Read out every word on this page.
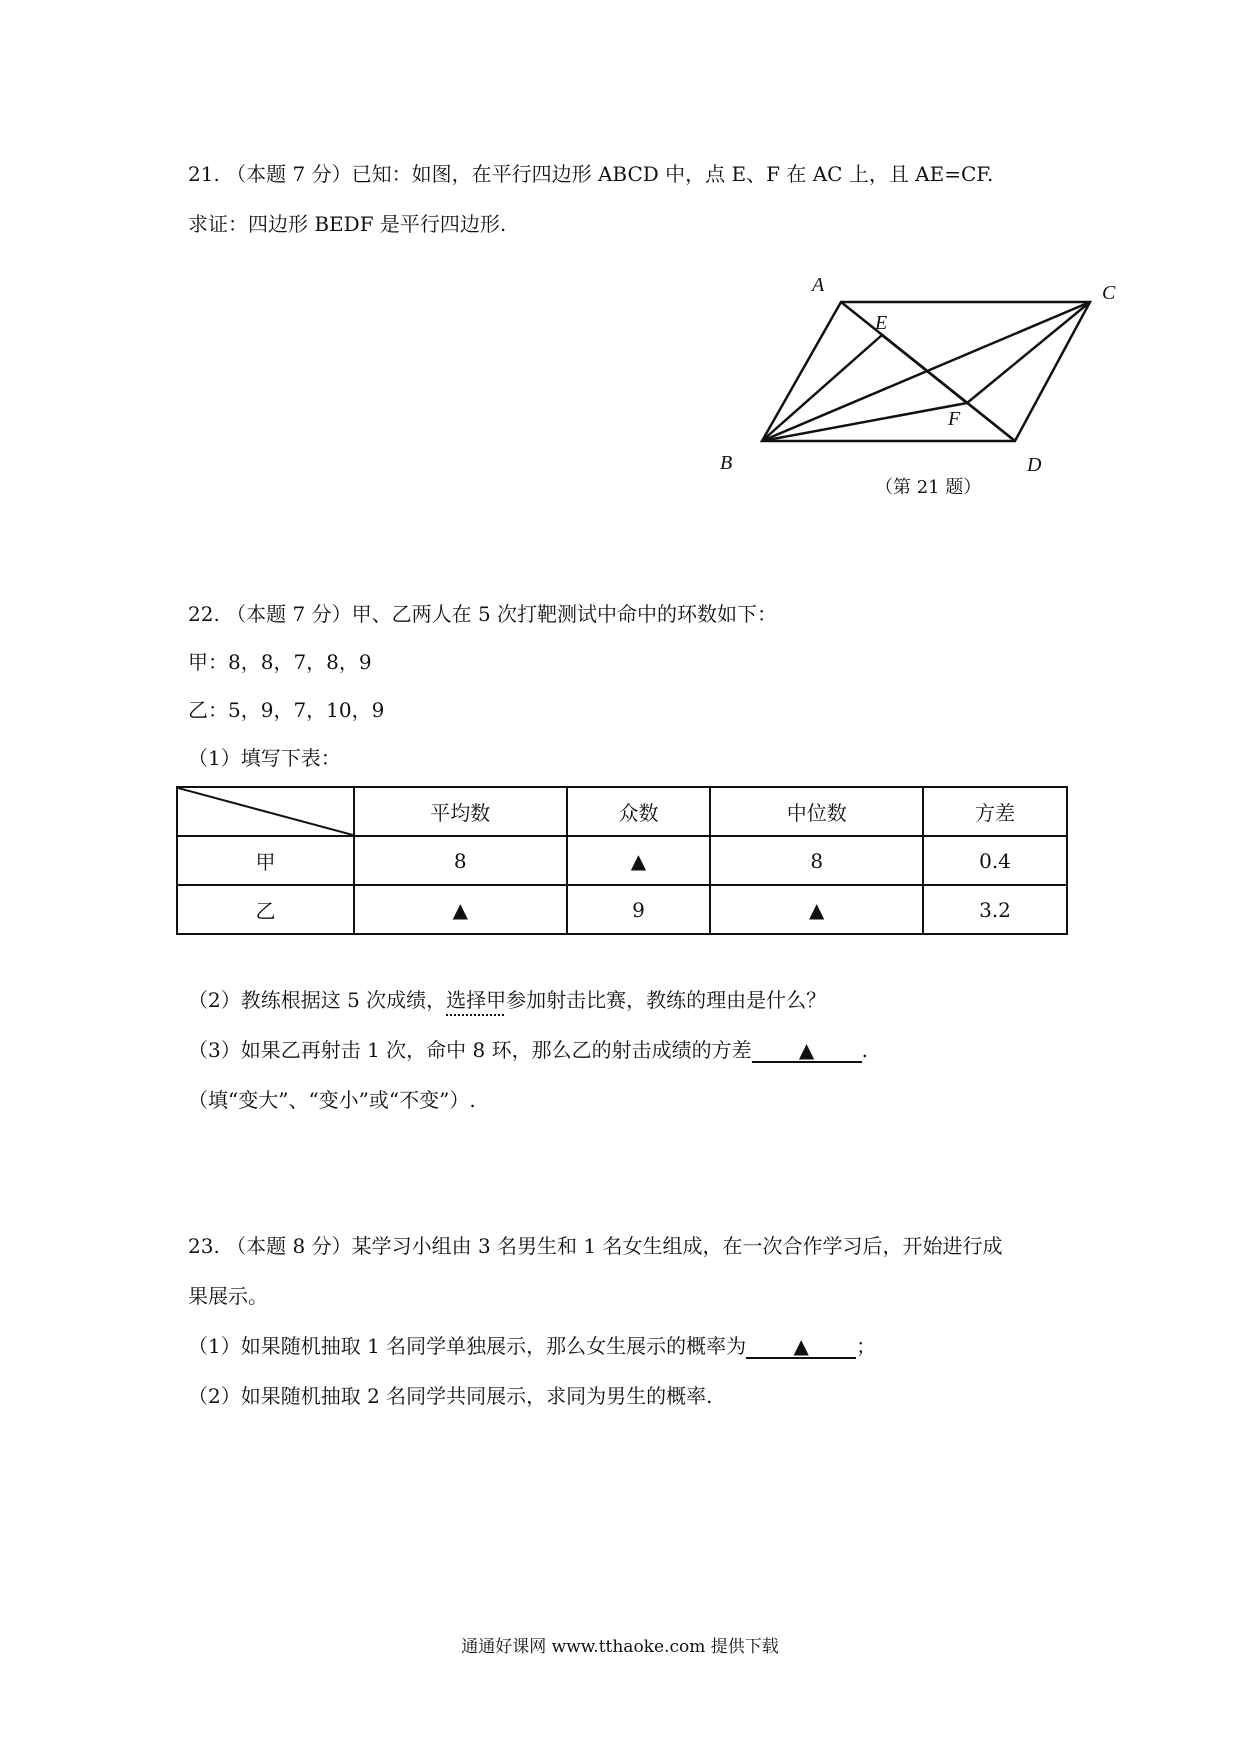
21. （本题 7 分）已知：如图，在平行四边形 ABCD 中，点 E、F 在 AC 上，且 AE=CF.
求证：四边形 BEDF 是平行四边形.
A	C
E
F
B	D
（第 21 题）
22. （本题 7 分）甲、乙两人在 5 次打靶测试中命中的环数如下：
甲：8，8，7，8，9
乙：5，9，7，10，9
（1）填写下表：
	平均数	众数	中位数	方差
甲	8	▲	8	0.4
乙	▲	9	▲	3.2
（2）教练根据这 5 次成绩，选择甲参加射击比赛，教练的理由是什么？
（3）如果乙再射击 1 次，命中 8 环，那么乙的射击成绩的方差 ▲ .
（填“变大”、“变小”或“不变”）.
23. （本题 8 分）某学习小组由 3 名男生和 1 名女生组成，在一次合作学习后，开始进行成
果展示。
（1）如果随机抽取 1 名同学单独展示，那么女生展示的概率为 ▲ ；
（2）如果随机抽取 2 名同学共同展示，求同为男生的概率.
通通好课网 www.tthaoke.com 提供下载
